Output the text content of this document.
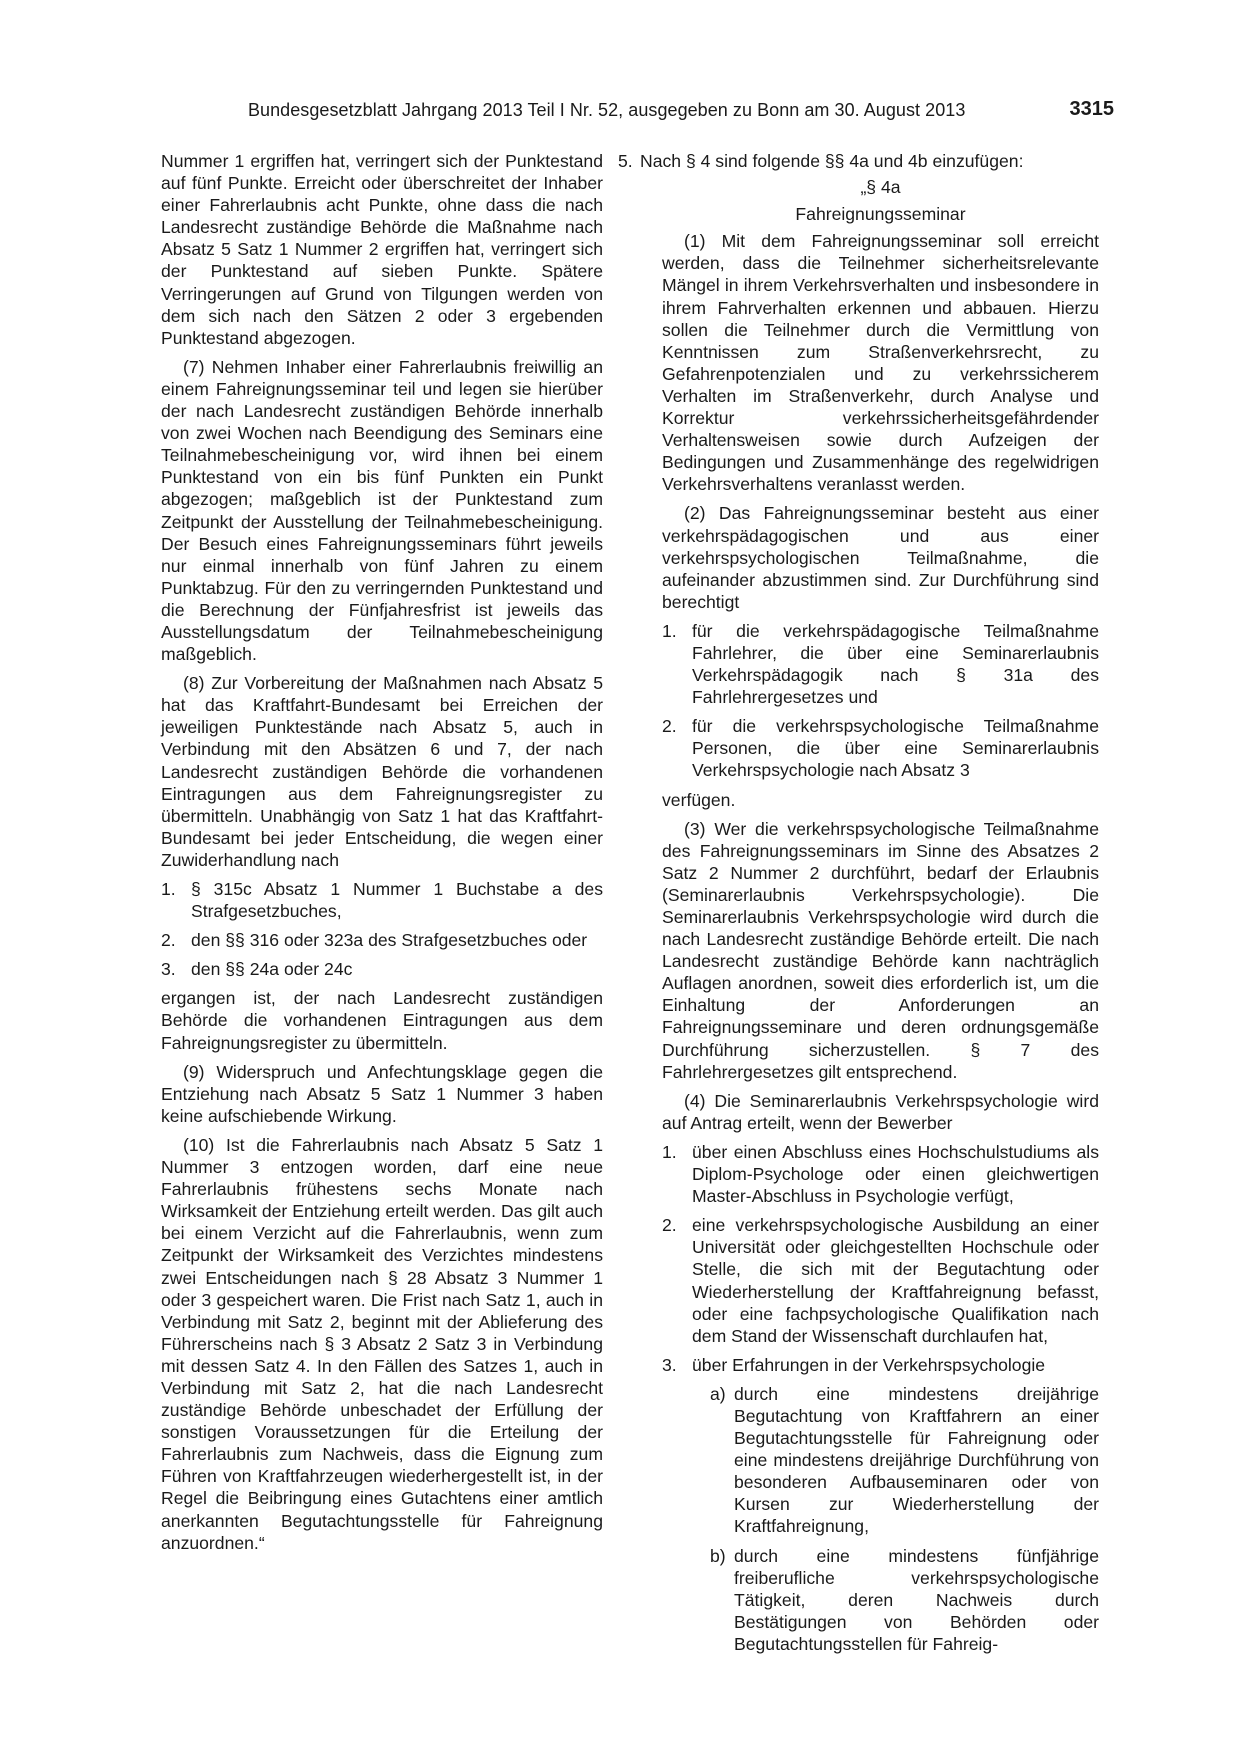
Bundesgesetzblatt Jahrgang 2013 Teil I Nr. 52, ausgegeben zu Bonn am 30. August 2013	3315

Nummer 1 ergriffen hat, verringert sich der Punktestand auf fünf Punkte. Erreicht oder überschreitet der Inhaber einer Fahrerlaubnis acht Punkte, ohne dass die nach Landesrecht zuständige Behörde die Maßnahme nach Absatz 5 Satz 1 Nummer 2 ergriffen hat, verringert sich der Punktestand auf sieben Punkte. Spätere Verringerungen auf Grund von Tilgungen werden von dem sich nach den Sätzen 2 oder 3 ergebenden Punktestand abgezogen.

(7) Nehmen Inhaber einer Fahrerlaubnis freiwillig an einem Fahreignungsseminar teil und legen sie hierüber der nach Landesrecht zuständigen Behörde innerhalb von zwei Wochen nach Beendigung des Seminars eine Teilnahmebescheinigung vor, wird ihnen bei einem Punktestand von ein bis fünf Punkten ein Punkt abgezogen; maßgeblich ist der Punktestand zum Zeitpunkt der Ausstellung der Teilnahmebescheinigung. Der Besuch eines Fahreignungsseminars führt jeweils nur einmal innerhalb von fünf Jahren zu einem Punktabzug. Für den zu verringernden Punktestand und die Berechnung der Fünfjahresfrist ist jeweils das Ausstellungsdatum der Teilnahmebescheinigung maßgeblich.

(8) Zur Vorbereitung der Maßnahmen nach Absatz 5 hat das Kraftfahrt-Bundesamt bei Erreichen der jeweiligen Punktestände nach Absatz 5, auch in Verbindung mit den Absätzen 6 und 7, der nach Landesrecht zuständigen Behörde die vorhandenen Eintragungen aus dem Fahreignungsregister zu übermitteln. Unabhängig von Satz 1 hat das Kraftfahrt-Bundesamt bei jeder Entscheidung, die wegen einer Zuwiderhandlung nach

1. § 315c Absatz 1 Nummer 1 Buchstabe a des Strafgesetzbuches,
2. den §§ 316 oder 323a des Strafgesetzbuches oder
3. den §§ 24a oder 24c

ergangen ist, der nach Landesrecht zuständigen Behörde die vorhandenen Eintragungen aus dem Fahreignungsregister zu übermitteln.

(9) Widerspruch und Anfechtungsklage gegen die Entziehung nach Absatz 5 Satz 1 Nummer 3 haben keine aufschiebende Wirkung.

(10) Ist die Fahrerlaubnis nach Absatz 5 Satz 1 Nummer 3 entzogen worden, darf eine neue Fahrerlaubnis frühestens sechs Monate nach Wirksamkeit der Entziehung erteilt werden. Das gilt auch bei einem Verzicht auf die Fahrerlaubnis, wenn zum Zeitpunkt der Wirksamkeit des Verzichtes mindestens zwei Entscheidungen nach § 28 Absatz 3 Nummer 1 oder 3 gespeichert waren. Die Frist nach Satz 1, auch in Verbindung mit Satz 2, beginnt mit der Ablieferung des Führerscheins nach § 3 Absatz 2 Satz 3 in Verbindung mit dessen Satz 4. In den Fällen des Satzes 1, auch in Verbindung mit Satz 2, hat die nach Landesrecht zuständige Behörde unbeschadet der Erfüllung der sonstigen Voraussetzungen für die Erteilung der Fahrerlaubnis zum Nachweis, dass die Eignung zum Führen von Kraftfahrzeugen wiederhergestellt ist, in der Regel die Beibringung eines Gutachtens einer amtlich anerkannten Begutachtungsstelle für Fahreignung anzuordnen.“

5. Nach § 4 sind folgende §§ 4a und 4b einzufügen:

„§ 4a

Fahreignungsseminar

(1) Mit dem Fahreignungsseminar soll erreicht werden, dass die Teilnehmer sicherheitsrelevante Mängel in ihrem Verkehrsverhalten und insbesondere in ihrem Fahrverhalten erkennen und abbauen. Hierzu sollen die Teilnehmer durch die Vermittlung von Kenntnissen zum Straßenverkehrsrecht, zu Gefahrenpotenzialen und zu verkehrssicherem Verhalten im Straßenverkehr, durch Analyse und Korrektur verkehrssicherheitsgefährdender Verhaltensweisen sowie durch Aufzeigen der Bedingungen und Zusammenhänge des regelwidrigen Verkehrsverhaltens veranlasst werden.

(2) Das Fahreignungsseminar besteht aus einer verkehrspädagogischen und aus einer verkehrspsychologischen Teilmaßnahme, die aufeinander abzustimmen sind. Zur Durchführung sind berechtigt

1. für die verkehrspädagogische Teilmaßnahme Fahrlehrer, die über eine Seminarerlaubnis Verkehrspädagogik nach § 31a des Fahrlehrergesetzes und
2. für die verkehrspsychologische Teilmaßnahme Personen, die über eine Seminarerlaubnis Verkehrspsychologie nach Absatz 3

verfügen.

(3) Wer die verkehrspsychologische Teilmaßnahme des Fahreignungsseminars im Sinne des Absatzes 2 Satz 2 Nummer 2 durchführt, bedarf der Erlaubnis (Seminarerlaubnis Verkehrspsychologie). Die Seminarerlaubnis Verkehrspsychologie wird durch die nach Landesrecht zuständige Behörde erteilt. Die nach Landesrecht zuständige Behörde kann nachträglich Auflagen anordnen, soweit dies erforderlich ist, um die Einhaltung der Anforderungen an Fahreignungsseminare und deren ordnungsgemäße Durchführung sicherzustellen. § 7 des Fahrlehrergesetzes gilt entsprechend.

(4) Die Seminarerlaubnis Verkehrspsychologie wird auf Antrag erteilt, wenn der Bewerber

1. über einen Abschluss eines Hochschulstudiums als Diplom-Psychologe oder einen gleichwertigen Master-Abschluss in Psychologie verfügt,
2. eine verkehrspsychologische Ausbildung an einer Universität oder gleichgestellten Hochschule oder Stelle, die sich mit der Begutachtung oder Wiederherstellung der Kraftfahreignung befasst, oder eine fachpsychologische Qualifikation nach dem Stand der Wissenschaft durchlaufen hat,
3. über Erfahrungen in der Verkehrspsychologie
a) durch eine mindestens dreijährige Begutachtung von Kraftfahrern an einer Begutachtungsstelle für Fahreignung oder eine mindestens dreijährige Durchführung von besonderen Aufbauseminaren oder von Kursen zur Wiederherstellung der Kraftfahreignung,
b) durch eine mindestens fünfjährige freiberufliche verkehrspsychologische Tätigkeit, deren Nachweis durch Bestätigungen von Behörden oder Begutachtungsstellen für Fahreig-
